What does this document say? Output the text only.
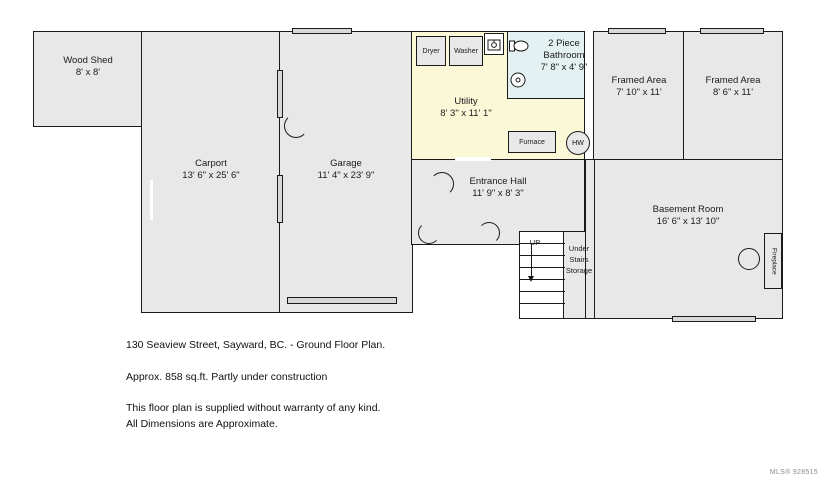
Dryer Washer
Furnace	HW
Fireplace
UP
Wood Shed
8' x 8'
Carport
13' 6" x 25' 6"
Garage
11' 4" x 23' 9"
Utility
8' 3" x 11' 1"
2 Piece
Bathroom
7' 8" x 4' 9"
Entrance Hall
11' 9" x 8' 3"
Framed Area
7' 10" x 11'
Framed Area
8' 6" x 11'
Basement Room
16' 6" x 13' 10"
Under
Stairs
Storage
130 Seaview Street, Sayward, BC. - Ground Floor Plan.
Approx. 858 sq.ft. Partly under construction
This floor plan is supplied without warranty of any kind.
All Dimensions are Approximate.
MLS® 928515
